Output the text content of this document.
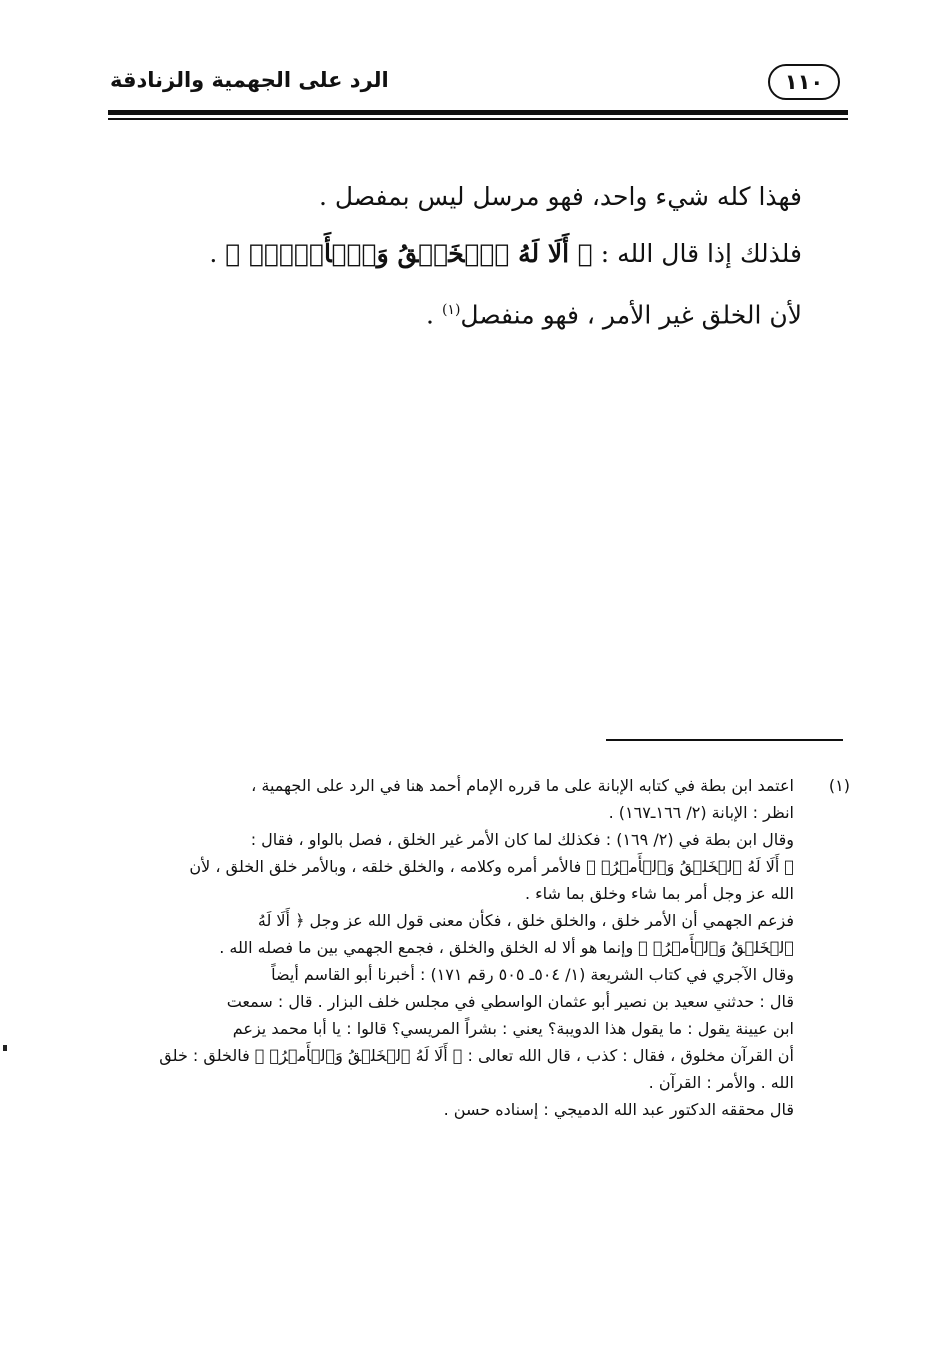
١١٠
الرد على الجهمية والزنادقة

فهذا كله شيء واحد، فهو مرسل ليس بمفصل .

فلذلك إذا قال الله : ﴿ أَلَا لَهُ ٱلۡخَلۡقُ وَٱلۡأَمۡرُۗ ﴾ .

لأن الخلق غير الأمر ، فهو منفصل$^{(١)}$ .

(١)

اعتمد ابن بطة في كتابه الإبانة على ما قرره الإمام أحمد هنا في الرد على الجهمية ،

انظر : الإبانة (٢/ ١٦٦ـ١٦٧) .

وقال ابن بطة في (٢/ ١٦٩) : فكذلك لما كان الأمر غير الخلق ، فصل بالواو ، فقال :

﴿ أَلَا لَهُ ٱلۡخَلۡقُ وَٱلۡأَمۡرُۗ ﴾ فالأمر أمره وكلامه ، والخلق خلقه ، وبالأمر خلق الخلق ، لأن

الله عز وجل أمر بما شاء وخلق بما شاء .

فزعم الجهمي أن الأمر خلق ، والخلق خلق ، فكأن معنى قول الله عز وجل ﴿ أَلَا لَهُ

ٱلۡخَلۡقُ وَٱلۡأَمۡرُۗ ﴾ وإنما هو ألا له الخلق والخلق ، فجمع الجهمي بين ما فصله الله .

وقال الآجري في كتاب الشريعة (١/ ٥٠٤ـ ٥٠٥ رقم ١٧١) : أخبرنا أبو القاسم أيضاً

قال : حدثني سعيد بن نصير أبو عثمان الواسطي في مجلس خلف البزار . قال : سمعت

ابن عيينة يقول : ما يقول هذا الدويبة؟ يعني : بشراً المريسي؟ قالوا : يا أبا محمد يزعم

أن القرآن مخلوق ، فقال : كذب ، قال الله تعالى : ﴿ أَلَا لَهُ ٱلۡخَلۡقُ وَٱلۡأَمۡرُۗ ﴾ فالخلق : خلق

الله . والأمر : القرآن .

قال محققه الدكتور عبد الله الدميجي : إسناده حسن .
